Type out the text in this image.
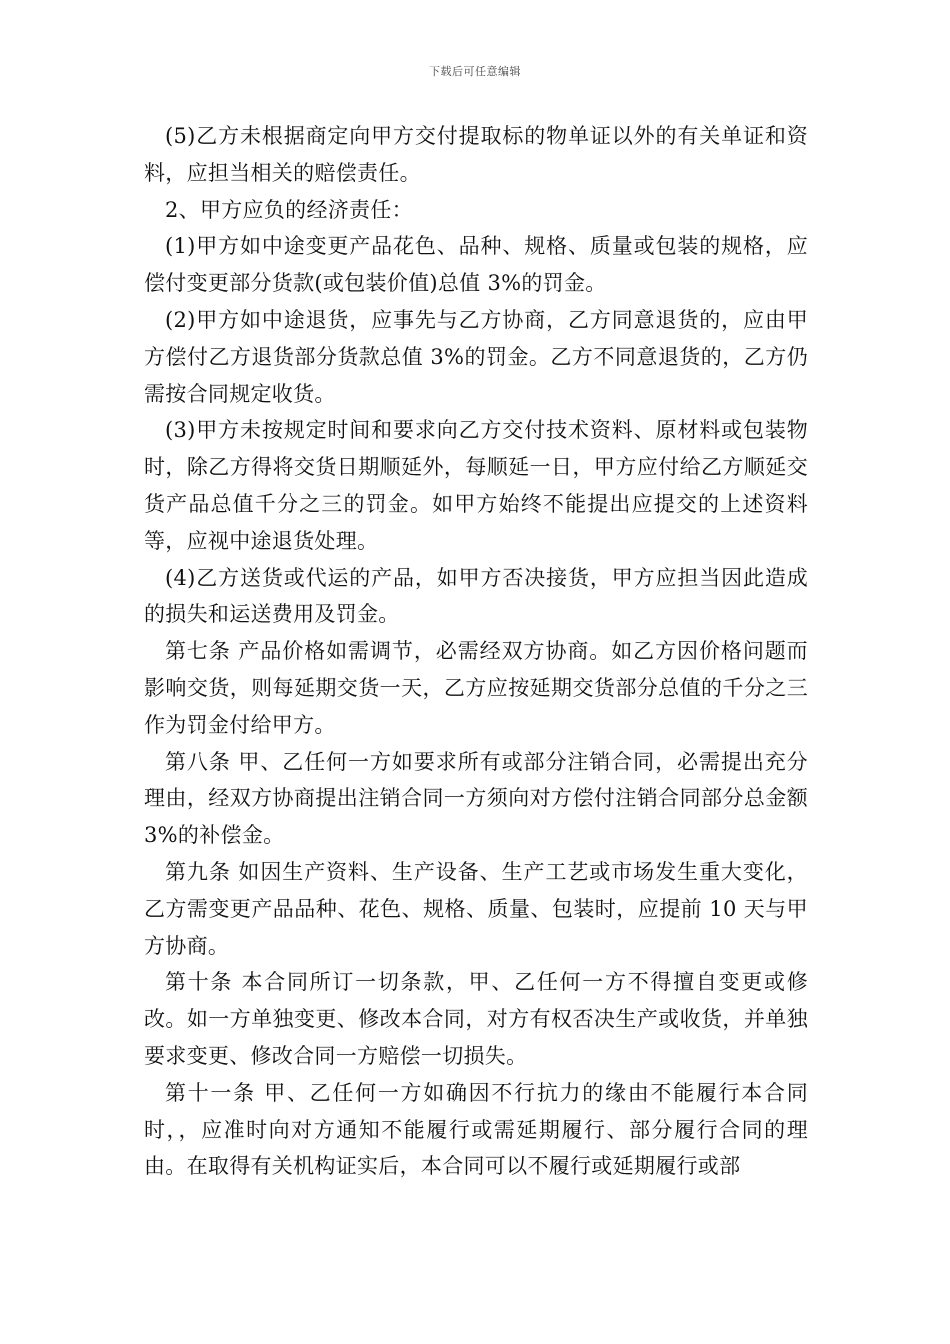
下载后可任意编辑

(5)乙方未根据商定向甲方交付提取标的物单证以外的有关单证和资料，应担当相关的赔偿责任。

2、甲方应负的经济责任：

(1)甲方如中途变更产品花色、品种、规格、质量或包装的规格，应偿付变更部分货款(或包装价值)总值 3%的罚金。

(2)甲方如中途退货，应事先与乙方协商，乙方同意退货的，应由甲方偿付乙方退货部分货款总值 3%的罚金。乙方不同意退货的，乙方仍需按合同规定收货。

(3)甲方未按规定时间和要求向乙方交付技术资料、原材料或包装物时，除乙方得将交货日期顺延外，每顺延一日，甲方应付给乙方顺延交货产品总值千分之三的罚金。如甲方始终不能提出应提交的上述资料等，应视中途退货处理。

(4)乙方送货或代运的产品，如甲方否决接货，甲方应担当因此造成的损失和运送费用及罚金。

第七条 产品价格如需调节，必需经双方协商。如乙方因价格问题而影响交货，则每延期交货一天，乙方应按延期交货部分总值的千分之三作为罚金付给甲方。

第八条 甲、乙任何一方如要求所有或部分注销合同，必需提出充分理由，经双方协商提出注销合同一方须向对方偿付注销合同部分总金额 3%的补偿金。

第九条 如因生产资料、生产设备、生产工艺或市场发生重大变化，乙方需变更产品品种、花色、规格、质量、包装时，应提前 10 天与甲方协商。

第十条 本合同所订一切条款，甲、乙任何一方不得擅自变更或修改。如一方单独变更、修改本合同，对方有权否决生产或收货，并单独要求变更、修改合同一方赔偿一切损失。

第十一条 甲、乙任何一方如确因不行抗力的缘由不能履行本合同时，，应准时向对方通知不能履行或需延期履行、部分履行合同的理由。在取得有关机构证实后，本合同可以不履行或延期履行或部
